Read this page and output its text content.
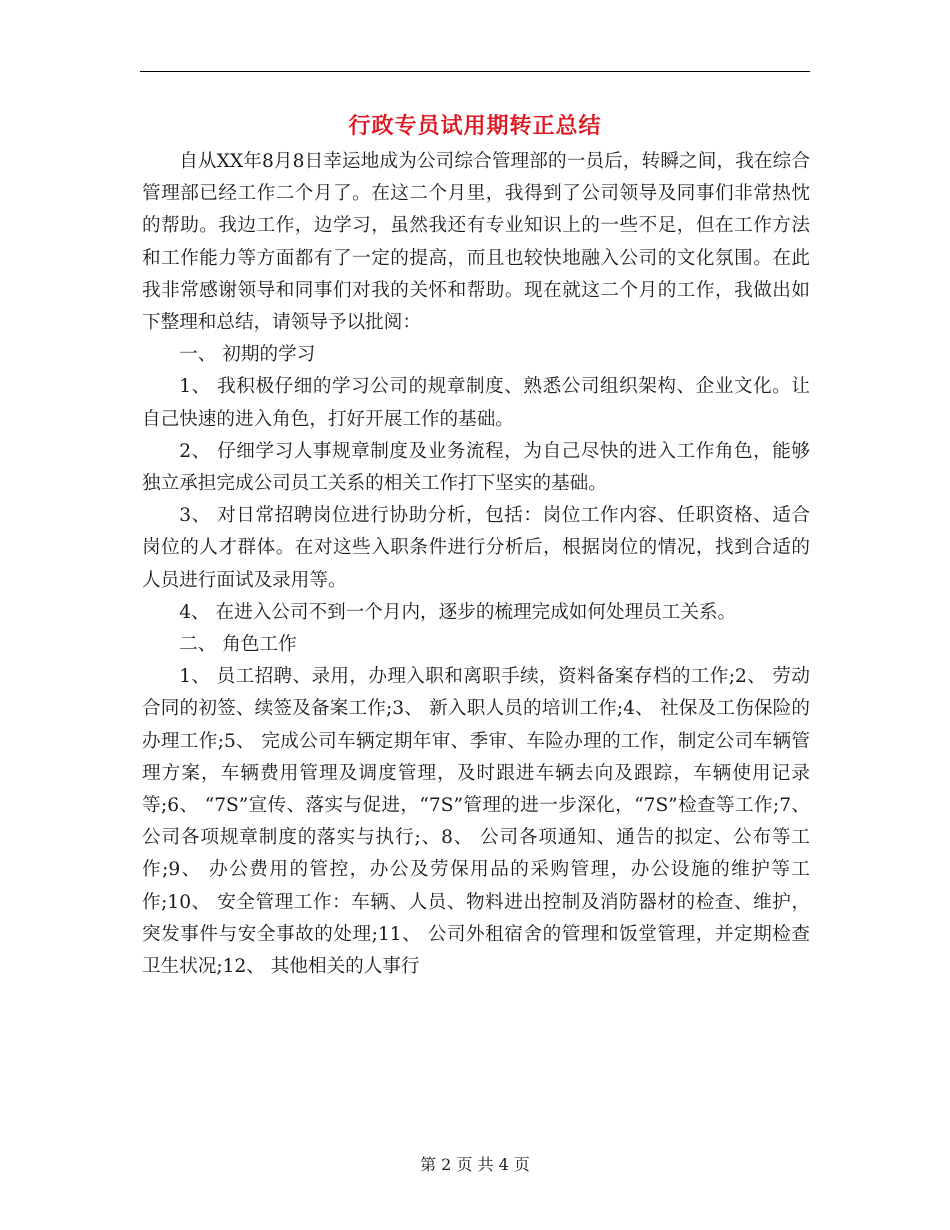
行政专员试用期转正总结

自从XX年8月8日幸运地成为公司综合管理部的一员后，转瞬之间，我在综合管理部已经工作二个月了。在这二个月里，我得到了公司领导及同事们非常热忱的帮助。我边工作，边学习，虽然我还有专业知识上的一些不足，但在工作方法和工作能力等方面都有了一定的提高，而且也较快地融入公司的文化氛围。在此我非常感谢领导和同事们对我的关怀和帮助。现在就这二个月的工作，我做出如下整理和总结，请领导予以批阅：

一、 初期的学习

1、 我积极仔细的学习公司的规章制度、熟悉公司组织架构、企业文化。让自己快速的进入角色，打好开展工作的基础。

2、 仔细学习人事规章制度及业务流程，为自己尽快的进入工作角色，能够独立承担完成公司员工关系的相关工作打下坚实的基础。

3、 对日常招聘岗位进行协助分析，包括：岗位工作内容、任职资格、适合岗位的人才群体。在对这些入职条件进行分析后，根据岗位的情况，找到合适的人员进行面试及录用等。

4、 在进入公司不到一个月内，逐步的梳理完成如何处理员工关系。

二、 角色工作

1、 员工招聘、录用，办理入职和离职手续，资料备案存档的工作;2、 劳动合同的初签、续签及备案工作;3、 新入职人员的培训工作;4、 社保及工伤保险的办理工作;5、 完成公司车辆定期年审、季审、车险办理的工作，制定公司车辆管理方案，车辆费用管理及调度管理，及时跟进车辆去向及跟踪，车辆使用记录等;6、 “7S”宣传、落实与促进，“7S”管理的进一步深化，“7S”检查等工作;7、 公司各项规章制度的落实与执行;、8、 公司各项通知、通告的拟定、公布等工作;9、 办公费用的管控，办公及劳保用品的采购管理，办公设施的维护等工作;10、 安全管理工作：车辆、人员、物料进出控制及消防器材的检查、维护，突发事件与安全事故的处理;11、 公司外租宿舍的管理和饭堂管理，并定期检查卫生状况;12、 其他相关的人事行

第 2 页 共 4 页
